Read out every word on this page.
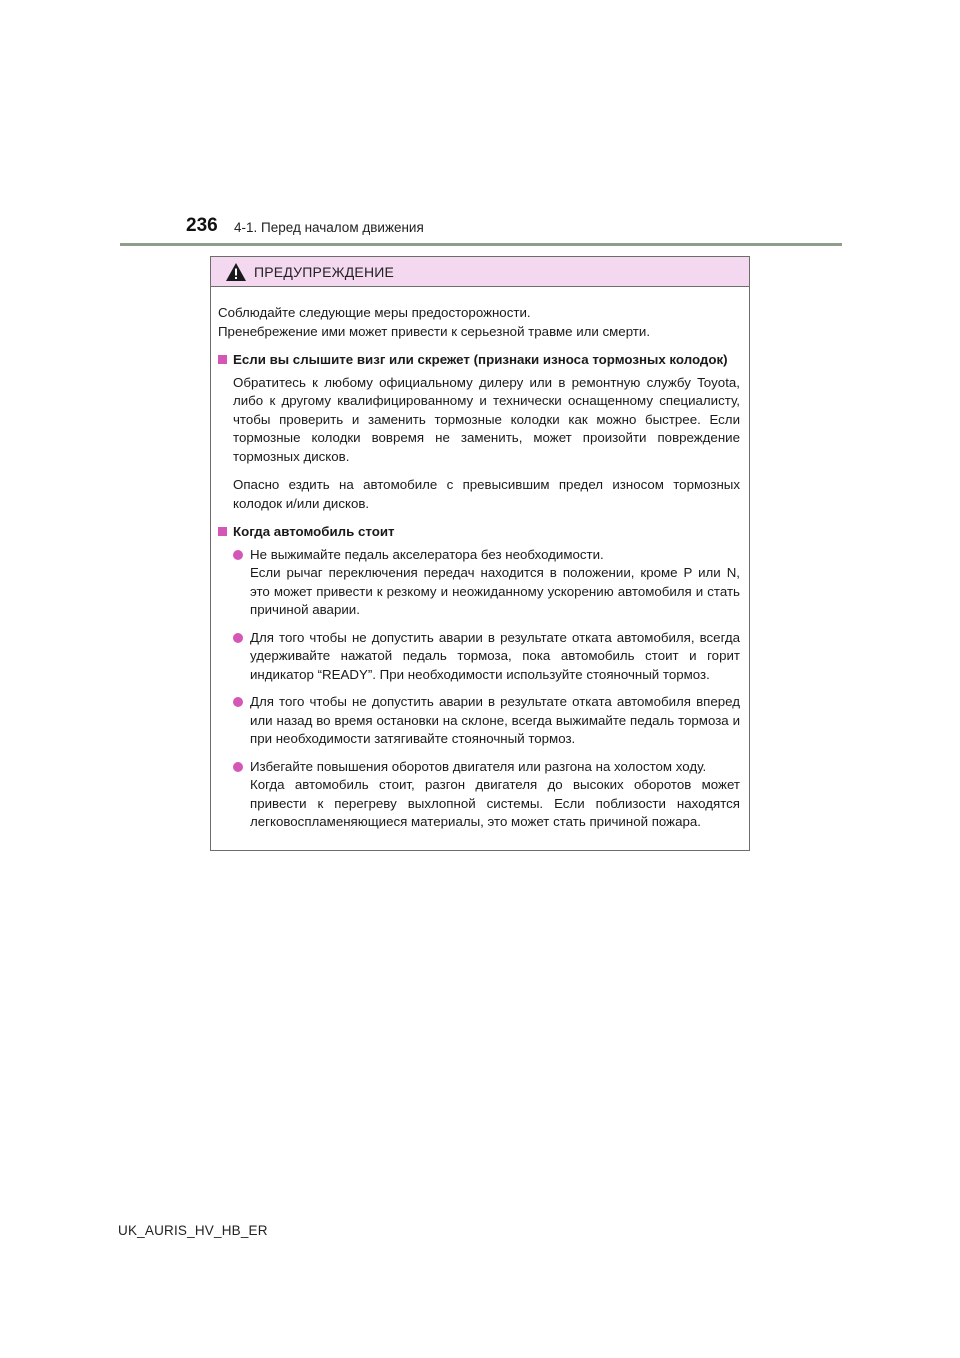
236 4-1. Перед началом движения
ПРЕДУПРЕЖДЕНИЕ

Соблюдайте следующие меры предосторожности.

Пренебрежение ими может привести к серьезной травме или смерти.

Если вы слышите визг или скрежет (признаки износа тормозных колодок)

Обратитесь к любому официальному дилеру или в ремонтную службу Toyota, либо к другому квалифицированному и технически оснащенному специалисту, чтобы проверить и заменить тормозные колодки как можно быстрее. Если тормозные колодки вовремя не заменить, может произойти повреждение тормозных дисков.

Опасно ездить на автомобиле с превысившим предел износом тормозных колодок и/или дисков.

Когда автомобиль стоит

Не выжимайте педаль акселератора без необходимости.

Если рычаг переключения передач находится в положении, кроме P или N, это может привести к резкому и неожиданному ускорению автомобиля и стать причиной аварии.

Для того чтобы не допустить аварии в результате отката автомобиля, всегда удерживайте нажатой педаль тормоза, пока автомобиль стоит и горит индикатор “READY”. При необходимости используйте стояночный тормоз.

Для того чтобы не допустить аварии в результате отката автомобиля вперед или назад во время остановки на склоне, всегда выжимайте педаль тормоза и при необходимости затягивайте стояночный тормоз.

Избегайте повышения оборотов двигателя или разгона на холостом ходу.

Когда автомобиль стоит, разгон двигателя до высоких оборотов может привести к перегреву выхлопной системы. Если поблизости находятся легковоспламеняющиеся материалы, это может стать причиной пожара.

UK_AURIS_HV_HB_ER
